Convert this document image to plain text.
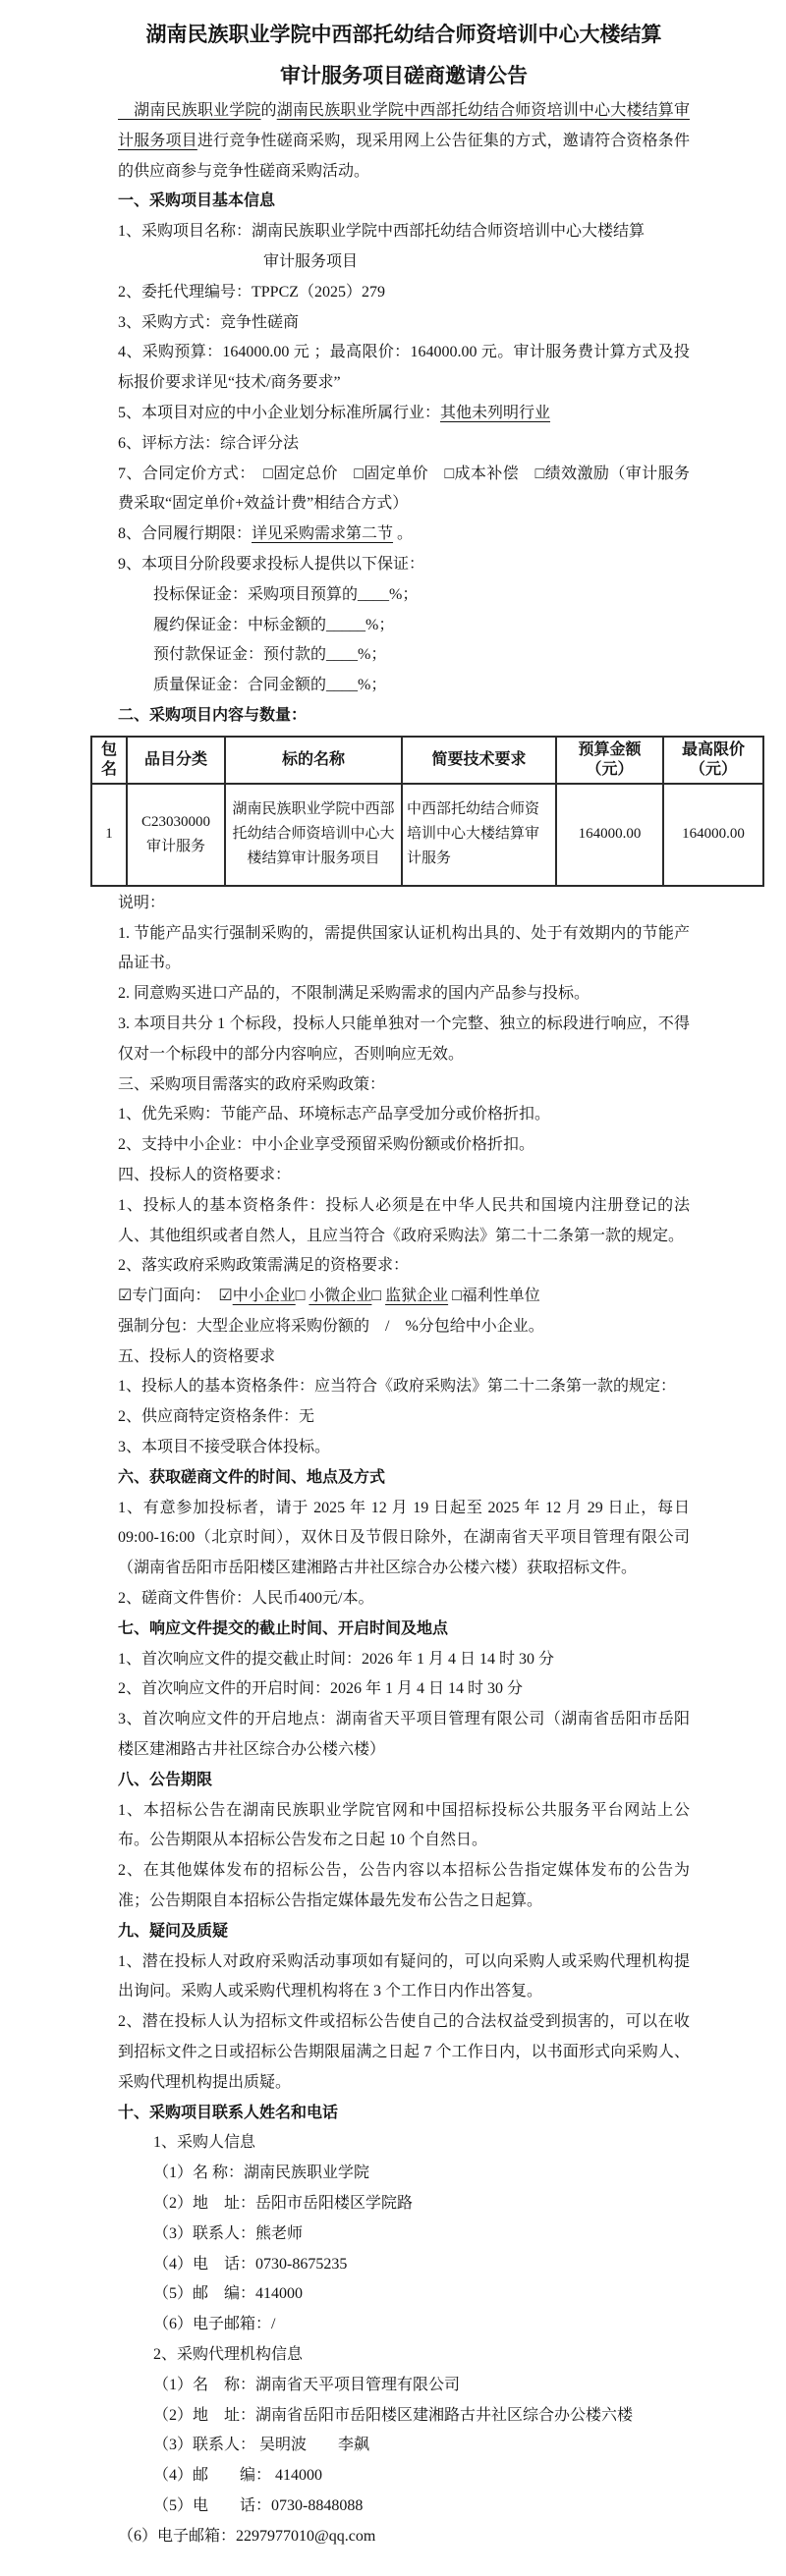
湖南民族职业学院中西部托幼结合师资培训中心大楼结算

审计服务项目磋商邀请公告

　湖南民族职业学院的湖南民族职业学院中西部托幼结合师资培训中心大楼结算审计服务项目进行竞争性磋商采购，现采用网上公告征集的方式，邀请符合资格条件的供应商参与竞争性磋商采购活动。

一、采购项目基本信息

1、采购项目名称：湖南民族职业学院中西部托幼结合师资培训中心大楼结算

审计服务项目

2、委托代理编号：TPPCZ（2025）279

3、采购方式：竞争性磋商

4、采购预算：164000.00 元 ；最高限价：164000.00 元。审计服务费计算方式及投标报价要求详见“技术/商务要求”

5、本项目对应的中小企业划分标准所属行业：其他未列明行业

6、评标方法：综合评分法

7、合同定价方式：　□固定总价　□固定单价　□成本补偿　□绩效激励（审计服务费采取“固定单价+效益计费”相结合方式）

8、合同履行期限：详见采购需求第二节 。

9、本项目分阶段要求投标人提供以下保证：

投标保证金：采购项目预算的____%；

履约保证金：中标金额的_____%；

预付款保证金：预付款的____%；

质量保证金：合同金额的____%；

二、采购项目内容与数量：

包名	品目分类	标的名称	简要技术要求	预算金额（元）	最高限价（元）
1	C23030000
审计服务	湖南民族职业学院中西部托幼结合师资培训中心大楼结算审计服务项目	中西部托幼结合师资培训中心大楼结算审计服务	164000.00	164000.00

说明：

1. 节能产品实行强制采购的，需提供国家认证机构出具的、处于有效期内的节能产品证书。

2. 同意购买进口产品的，不限制满足采购需求的国内产品参与投标。

3. 本项目共分 1 个标段，投标人只能单独对一个完整、独立的标段进行响应，不得仅对一个标段中的部分内容响应，否则响应无效。

三、采购项目需落实的政府采购政策：

1、优先采购：节能产品、环境标志产品享受加分或价格折扣。

2、支持中小企业：中小企业享受预留采购份额或价格折扣。

四、投标人的资格要求：

1、投标人的基本资格条件：投标人必须是在中华人民共和国境内注册登记的法人、其他组织或者自然人，且应当符合《政府采购法》第二十二条第一款的规定。

2、落实政府采购政策需满足的资格要求：

☑专门面向：　☑中小企业□ 小微企业□ 监狱企业 □福利性单位

强制分包：大型企业应将采购份额的　/　%分包给中小企业。

五、投标人的资格要求

1、投标人的基本资格条件：应当符合《政府采购法》第二十二条第一款的规定：

2、供应商特定资格条件：无

3、本项目不接受联合体投标。

六、获取磋商文件的时间、地点及方式

1、有意参加投标者，请于 2025 年 12 月 19 日起至 2025 年 12 月 29 日止，每日 09:00-16:00（北京时间），双休日及节假日除外，在湖南省天平项目管理有限公司（湖南省岳阳市岳阳楼区建湘路古井社区综合办公楼六楼）获取招标文件。

2、磋商文件售价：人民币400元/本。

七、响应文件提交的截止时间、开启时间及地点

1、首次响应文件的提交截止时间：2026 年 1 月 4 日 14 时 30 分

2、首次响应文件的开启时间：2026 年 1 月 4 日 14 时 30 分

3、首次响应文件的开启地点：湖南省天平项目管理有限公司（湖南省岳阳市岳阳楼区建湘路古井社区综合办公楼六楼）

八、公告期限

1、本招标公告在湖南民族职业学院官网和中国招标投标公共服务平台网站上公布。公告期限从本招标公告发布之日起 10 个自然日。

2、在其他媒体发布的招标公告，公告内容以本招标公告指定媒体发布的公告为准；公告期限自本招标公告指定媒体最先发布公告之日起算。

九、疑问及质疑

1、潜在投标人对政府采购活动事项如有疑问的，可以向采购人或采购代理机构提出询问。采购人或采购代理机构将在 3 个工作日内作出答复。

2、潜在投标人认为招标文件或招标公告使自己的合法权益受到损害的，可以在收到招标文件之日或招标公告期限届满之日起 7 个工作日内，以书面形式向采购人、采购代理机构提出质疑。

十、采购项目联系人姓名和电话

1、采购人信息

（1）名 称：湖南民族职业学院

（2）地　址：岳阳市岳阳楼区学院路

（3）联系人：熊老师

（4）电　话：0730-8675235

（5）邮　编：414000

（6）电子邮箱：/

2、采购代理机构信息

（1）名　称：湖南省天平项目管理有限公司

（2）地　址：湖南省岳阳市岳阳楼区建湘路古井社区综合办公楼六楼

（3）联系人： 吴明波　　李飙

（4）邮　　编： 414000

（5）电　　话：0730-8848088

（6）电子邮箱：2297977010@qq.com
